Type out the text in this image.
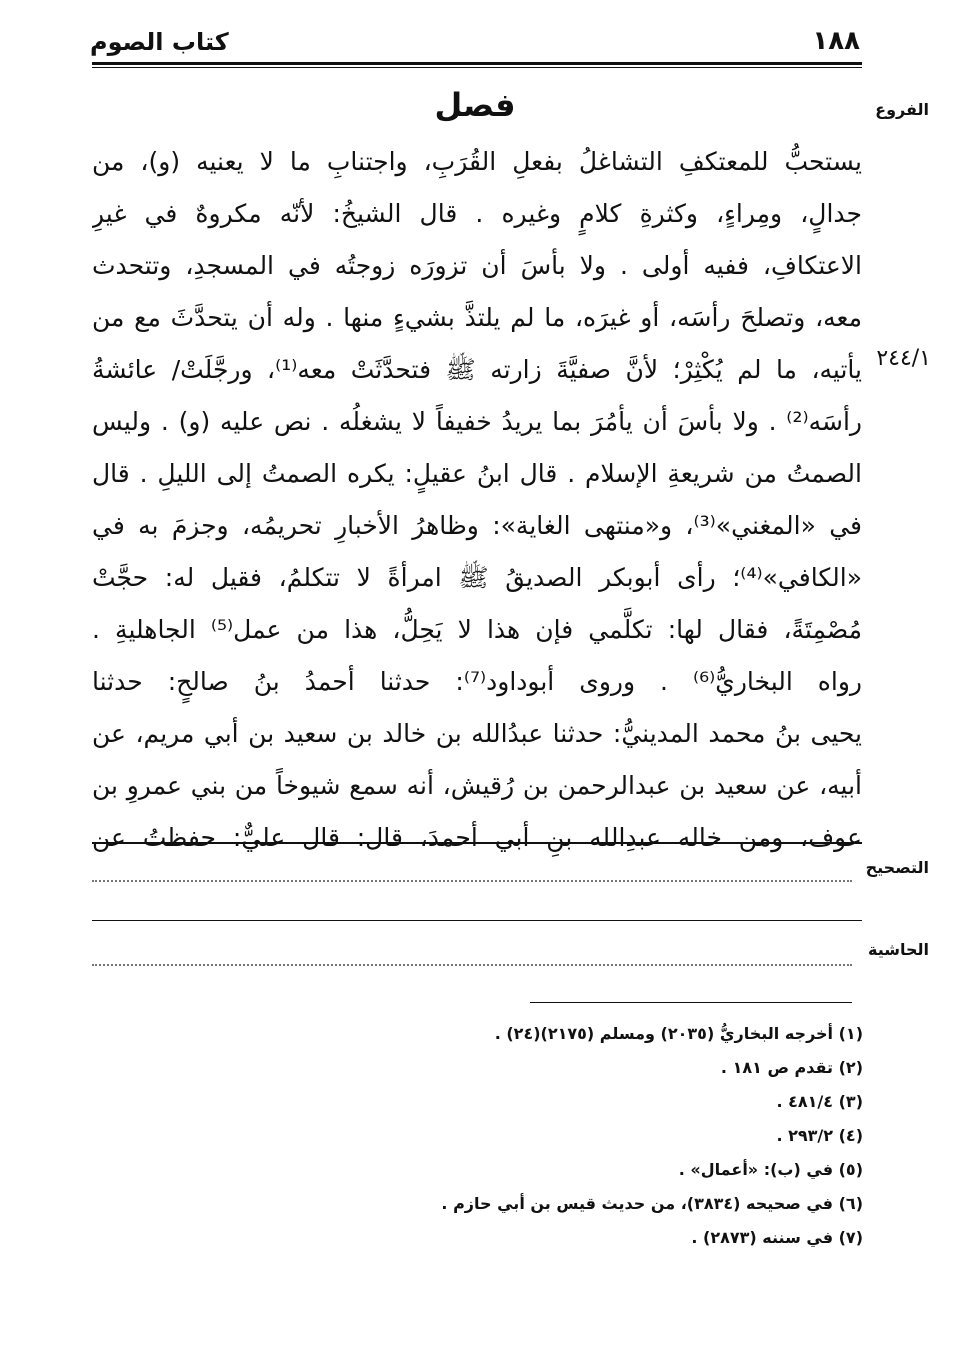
١٨٨
كتاب الصوم
الفروع
٢٤٤/١
فصل
يستحبُّ للمعتكفِ التشاغلُ بفعلِ القُرَبِ، واجتنابِ ما لا يعنيه (و)، من
جدالٍ، ومِراءٍ، وكثرةِ كلامٍ وغيره . قال الشيخُ: لأنّه مكروهٌ في غيرِ
الاعتكافِ، ففيه أولى . ولا بأسَ أن تزورَه زوجتُه في المسجدِ، وتتحدث
معه، وتصلحَ رأسَه، أو غيرَه، ما لم يلتذَّ بشيءٍ منها . وله أن يتحدَّثَ مع من
يأتيه، ما لم يُكْثِرْ؛ لأنَّ صفيَّةَ زارته ﷺ فتحدَّثَتْ معه⁽¹⁾، ورجَّلَتْ/ عائشةُ
رأسَه⁽²⁾ . ولا بأسَ أن يأمُرَ بما يريدُ خفيفاً لا يشغلُه . نص عليه (و) . وليس
الصمتُ من شريعةِ الإسلام . قال ابنُ عقيلٍ: يكره الصمتُ إلى الليلِ . قال
في «المغني»⁽³⁾، و«منتهى الغاية»: وظاهرُ الأخبارِ تحريمُه، وجزمَ به في
«الكافي»⁽⁴⁾؛ رأى أبوبكر الصديقُ ﷺ امرأةً لا تتكلمُ، فقيل له: حجَّتْ
مُصْمِتَةً، فقال لها: تكلَّمي فإن هذا لا يَحِلُّ، هذا من عمل⁽⁵⁾ الجاهليةِ .
رواه البخاريُّ⁽⁶⁾ . وروى أبوداود⁽⁷⁾: حدثنا أحمدُ بنُ صالحٍ: حدثنا
يحيى بنُ محمد المدينيُّ: حدثنا عبدُالله بن خالد بن سعيد بن أبي مريم، عن
أبيه، عن سعيد بن عبدالرحمن بن رُقيش، أنه سمع شيوخاً من بني عمروِ بن
عوف، ومن خاله عبدِالله بنِ أبي أحمدَ، قال: قال عليٌّ: حفظتُ عن
التصحيح
الحاشية
(١) أخرجه البخاريُّ (٢٠٣٥) ومسلم (٢١٧٥)(٢٤) .
(٢) تقدم ص ١٨١ .
(٣) ٤٨١/٤ .
(٤) ٢٩٣/٢ .
(٥) في (ب): «أعمال» .
(٦) في صحيحه (٣٨٣٤)، من حديث قيس بن أبي حازم .
(٧) في سننه (٢٨٧٣) .
